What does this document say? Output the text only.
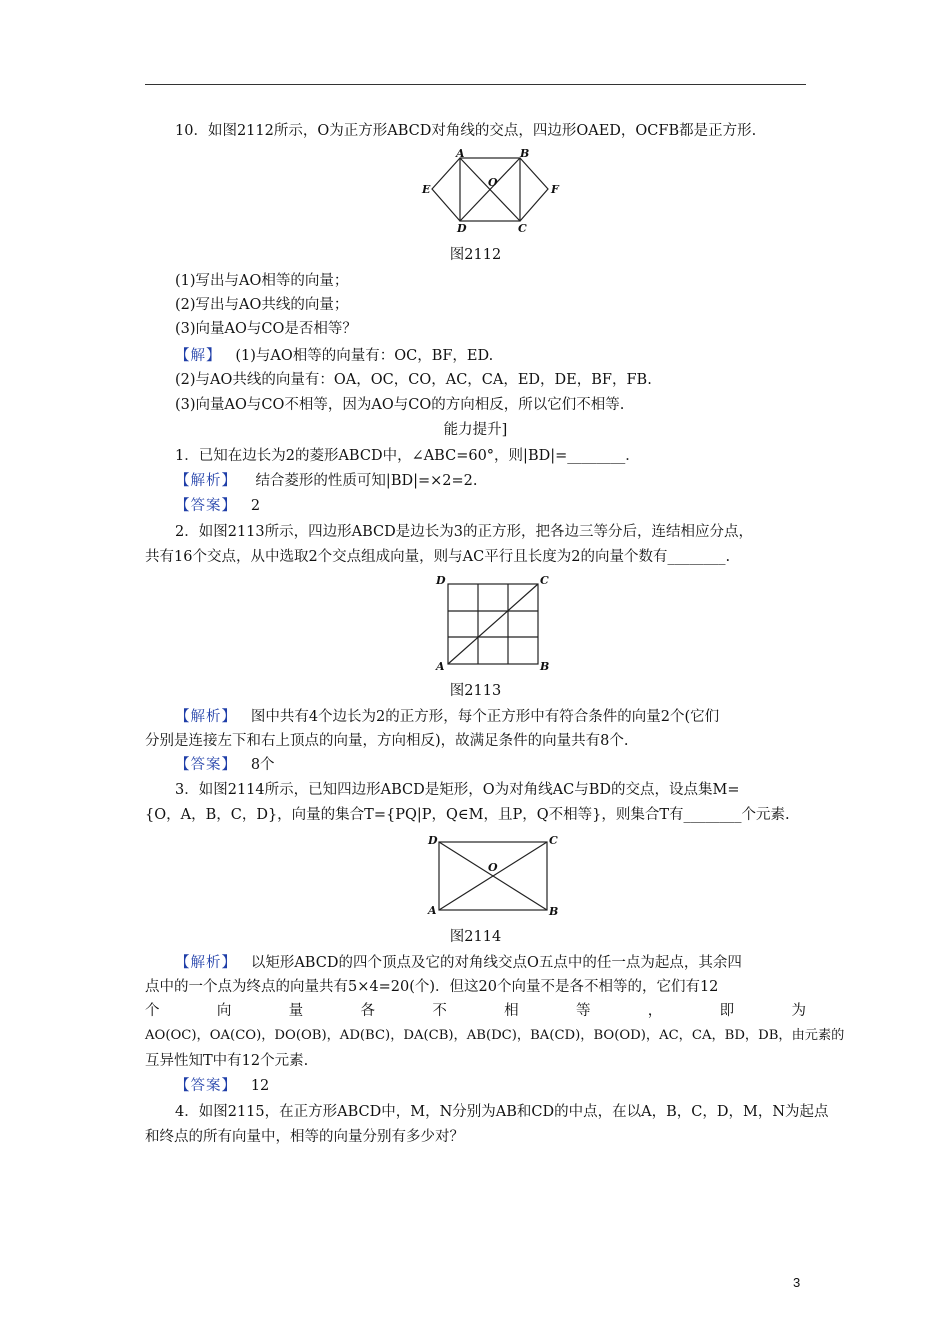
10．如图2112所示，O为正方形ABCD对角线的交点，四边形OAED，OCFB都是正方形.
A	B
O
E	F
D	C
图2112
(1)写出与AO相等的向量；
(2)写出与AO共线的向量；
(3)向量AO与CO是否相等？
【解】 (1)与AO相等的向量有：OC，BF，ED.
(2)与AO共线的向量有：OA，OC，CO，AC，CA，ED，DE，BF，FB.
(3)向量AO与CO不相等，因为AO与CO的方向相反，所以它们不相等.
能力提升]
1．已知在边长为2的菱形ABCD中，∠ABC=60°，则|BD|=________．
【解析】 结合菱形的性质可知|BD|=×2=2.
【答案】 2
2．如图2113所示，四边形ABCD是边长为3的正方形，把各边三等分后，连结相应分点，
共有16个交点，从中选取2个交点组成向量，则与AC平行且长度为2的向量个数有________.
D	C
A	B
图2113
【解析】 图中共有4个边长为2的正方形，每个正方形中有符合条件的向量2个(它们
分别是连接左下和右上顶点的向量，方向相反)，故满足条件的向量共有8个.
【答案】 8个
3．如图2114所示，已知四边形ABCD是矩形，O为对角线AC与BD的交点，设点集M=
{O，A，B，C，D}，向量的集合T={PQ|P，Q∈M，且P，Q不相等}，则集合T有________个元素.
D	C
O
A	B
图2114
【解析】 以矩形ABCD的四个顶点及它的对角线交点O五点中的任一点为起点，其余四
点中的一个点为终点的向量共有5×4=20(个)．但这20个向量不是各不相等的，它们有12
个	向	量	各	不	相	等	，	即	为
AO(OC)，OA(CO)，DO(OB)，AD(BC)，DA(CB)，AB(DC)，BA(CD)，BO(OD)，AC，CA，BD，DB，由元素的
互异性知T中有12个元素.
【答案】 12
4．如图2115，在正方形ABCD中，M，N分别为AB和CD的中点，在以A，B，C，D，M，N为起点
和终点的所有向量中，相等的向量分别有多少对？
3
